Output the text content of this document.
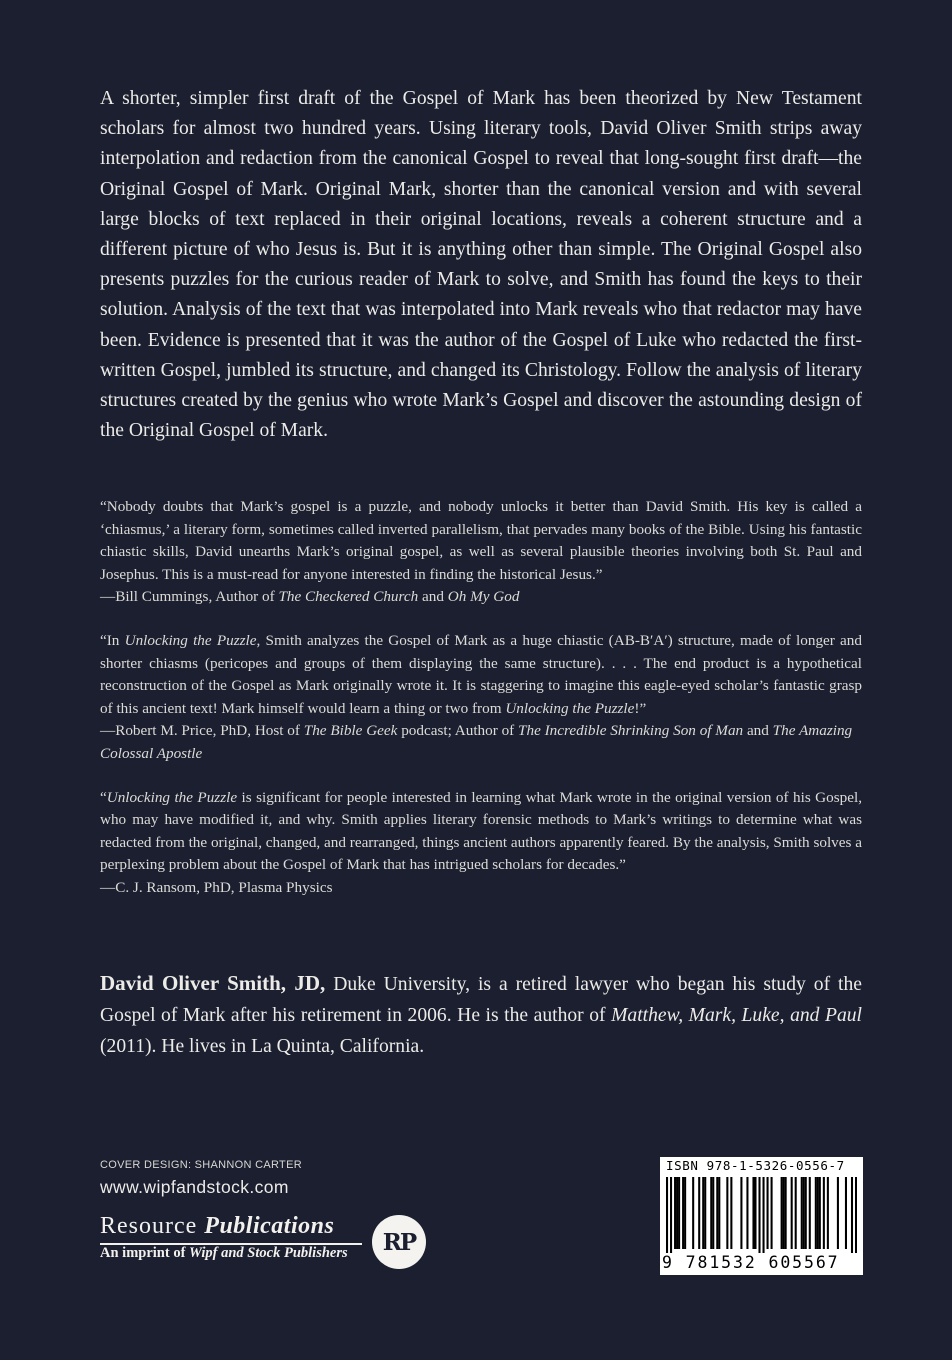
A shorter, simpler first draft of the Gospel of Mark has been theorized by New Testament scholars for almost two hundred years. Using literary tools, David Oliver Smith strips away interpolation and redaction from the canonical Gospel to reveal that long-sought first draft—the Original Gospel of Mark. Original Mark, shorter than the canonical version and with several large blocks of text replaced in their original locations, reveals a coherent structure and a different picture of who Jesus is. But it is anything other than simple. The Original Gospel also presents puzzles for the curious reader of Mark to solve, and Smith has found the keys to their solution. Analysis of the text that was interpolated into Mark reveals who that redactor may have been. Evidence is presented that it was the author of the Gospel of Luke who redacted the first-written Gospel, jumbled its structure, and changed its Christology. Follow the analysis of literary structures created by the genius who wrote Mark’s Gospel and discover the astounding design of the Original Gospel of Mark.

“Nobody doubts that Mark’s gospel is a puzzle, and nobody unlocks it better than David Smith. His key is called a ‘chiasmus,’ a literary form, sometimes called inverted parallelism, that pervades many books of the Bible. Using his fantastic chiastic skills, David unearths Mark’s original gospel, as well as several plausible theories involving both St. Paul and Josephus. This is a must-read for anyone interested in finding the historical Jesus.”

—Bill Cummings, Author of The Checkered Church and Oh My God

“In Unlocking the Puzzle, Smith analyzes the Gospel of Mark as a huge chiastic (AB-B′A′) structure, made of longer and shorter chiasms (pericopes and groups of them displaying the same structure). . . . The end product is a hypothetical reconstruction of the Gospel as Mark originally wrote it. It is staggering to imagine this eagle-eyed scholar’s fantastic grasp of this ancient text! Mark himself would learn a thing or two from Unlocking the Puzzle!”

—Robert M. Price, PhD, Host of The Bible Geek podcast; Author of The Incredible Shrinking Son of Man and The Amazing Colossal Apostle

“Unlocking the Puzzle is significant for people interested in learning what Mark wrote in the original version of his Gospel, who may have modified it, and why. Smith applies literary forensic methods to Mark’s writings to determine what was redacted from the original, changed, and rearranged, things ancient authors apparently feared. By the analysis, Smith solves a perplexing problem about the Gospel of Mark that has intrigued scholars for decades.”

—C. J. Ransom, PhD, Plasma Physics

David Oliver Smith, JD, Duke University, is a retired lawyer who began his study of the Gospel of Mark after his retirement in 2006. He is the author of Matthew, Mark, Luke, and Paul (2011). He lives in La Quinta, California.

COVER DESIGN: SHANNON CARTER
www.wipfandstock.com
Resource Publications
An imprint of Wipf and Stock Publishers RP
ISBN 978-1-5326-0556-7
9 781532 605567
